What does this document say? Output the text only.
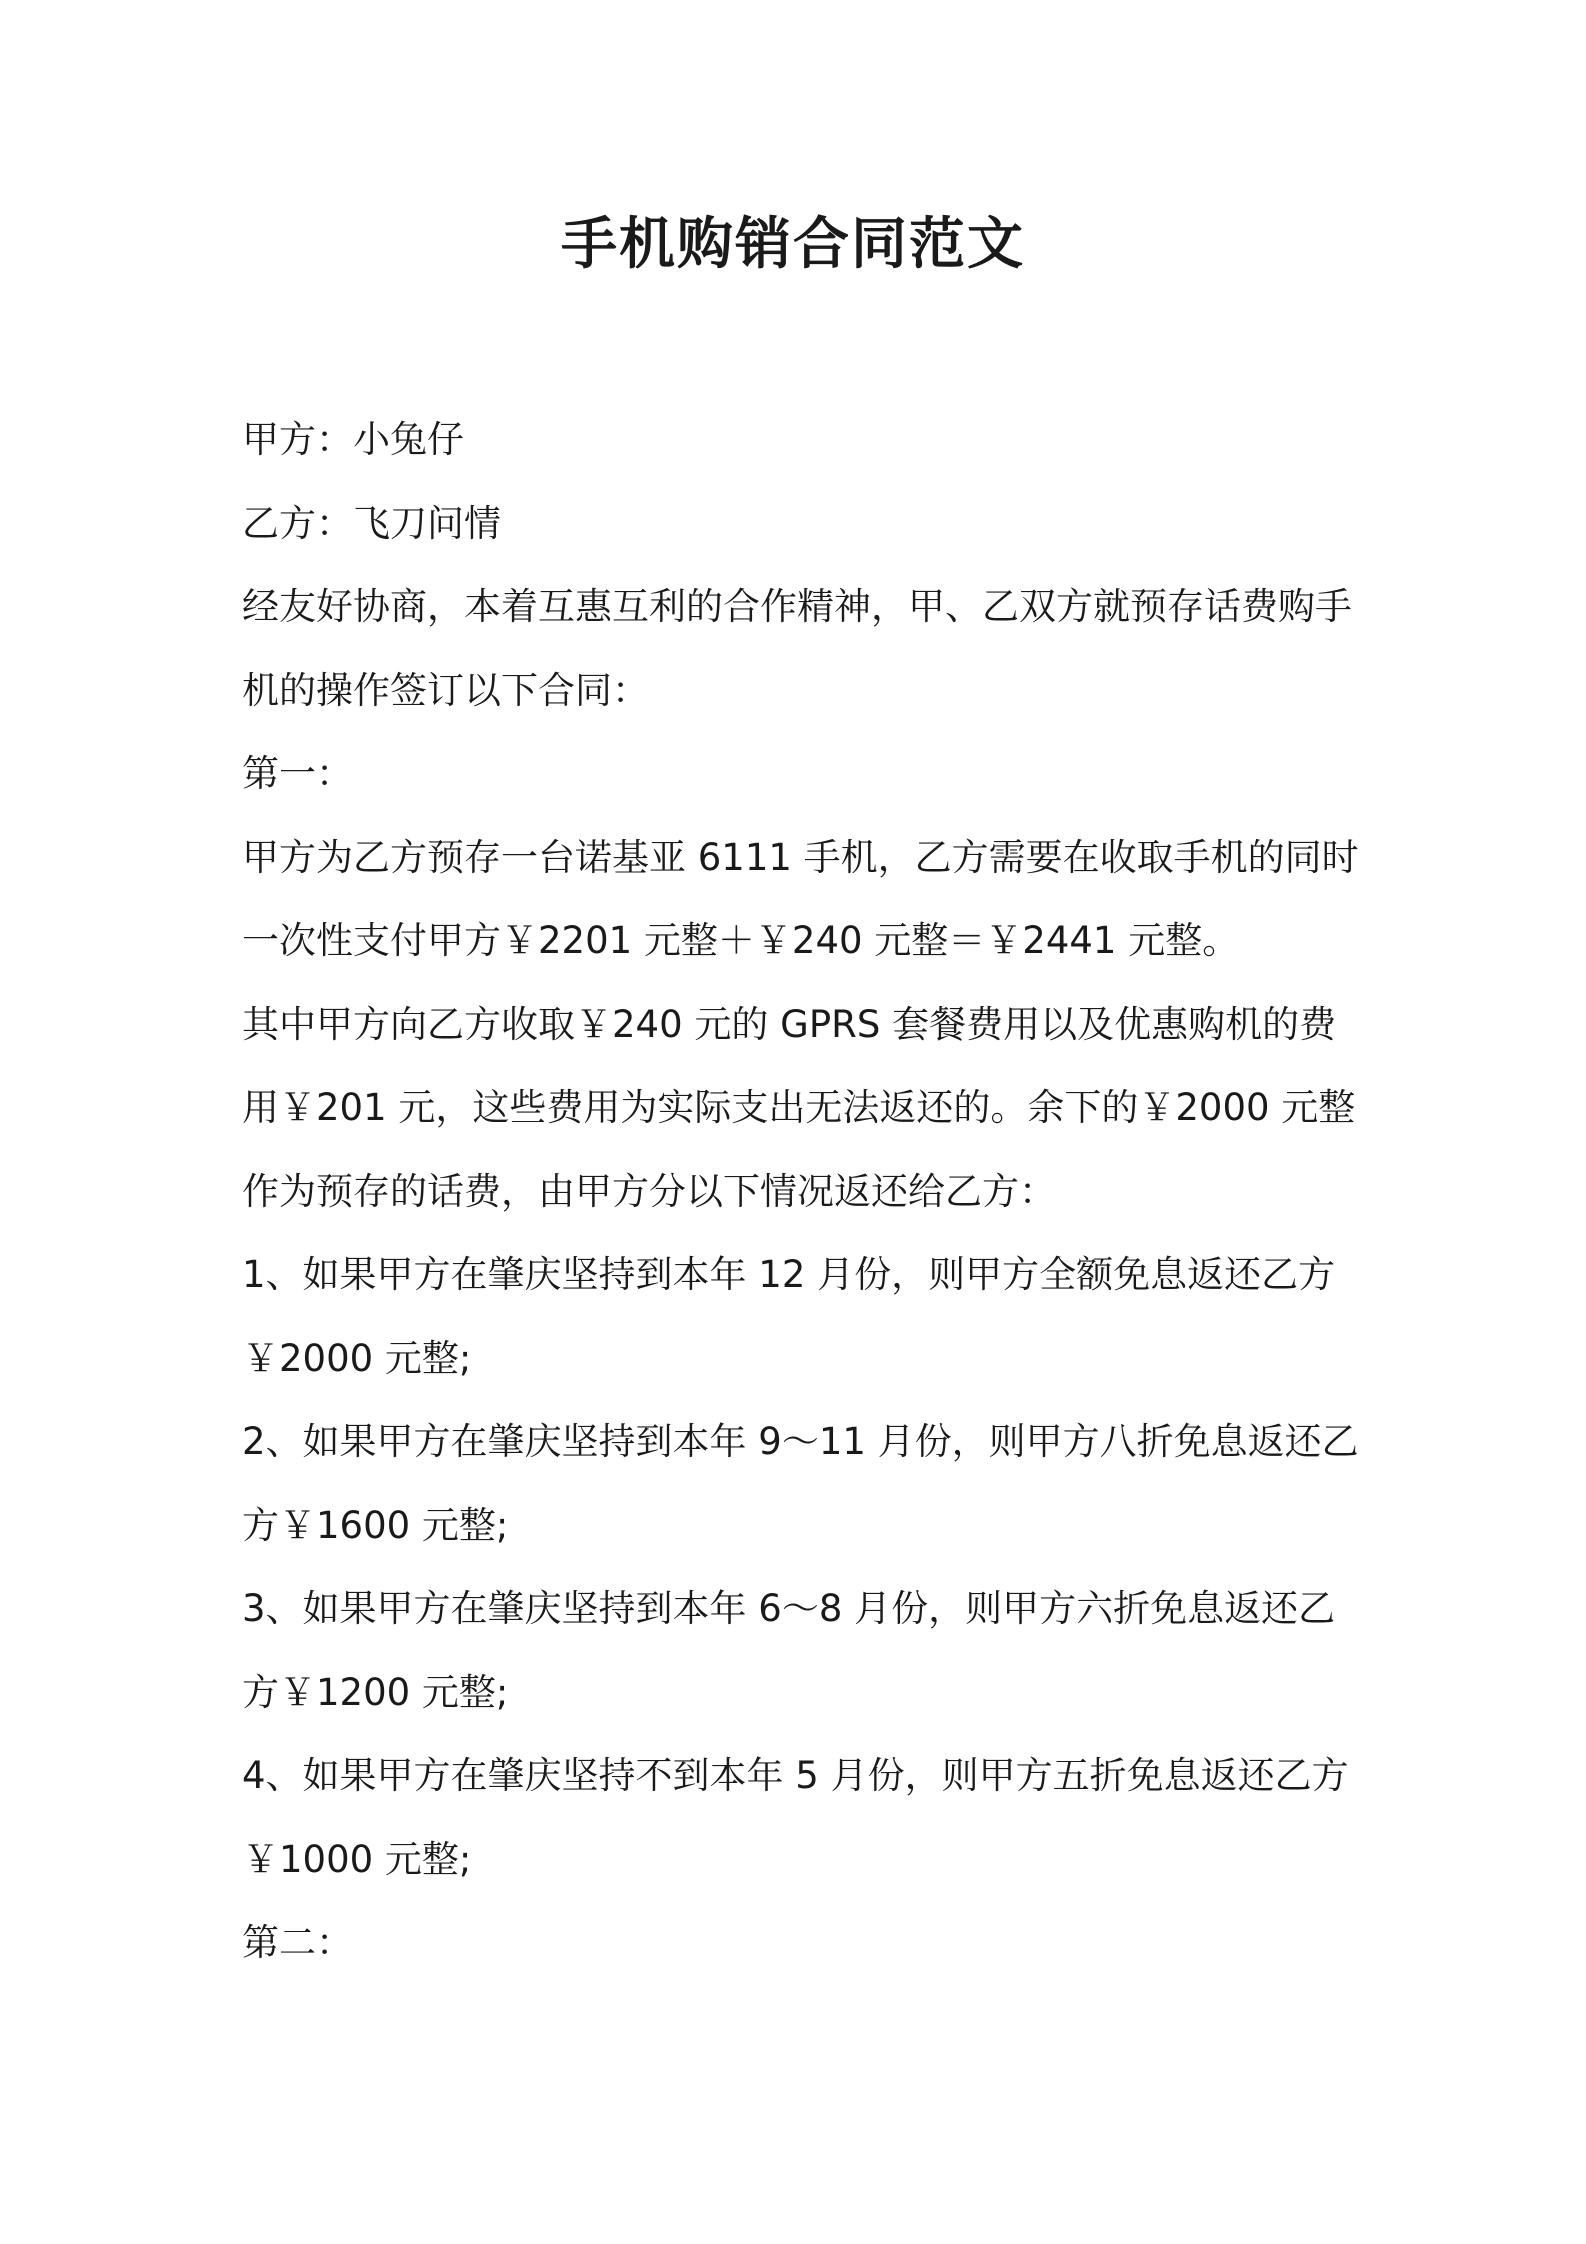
手机购销合同范文

甲方：小兔仔

乙方：飞刀问情

经友好协商，本着互惠互利的合作精神，甲、乙双方就预存话费购手

机的操作签订以下合同：

第一：

甲方为乙方预存一台诺基亚 6111 手机，乙方需要在收取手机的同时

一次性支付甲方￥2201 元整＋￥240 元整＝￥2441 元整。

其中甲方向乙方收取￥240 元的 GPRS 套餐费用以及优惠购机的费

用￥201 元，这些费用为实际支出无法返还的。余下的￥2000 元整

作为预存的话费，由甲方分以下情况返还给乙方：

1、如果甲方在肇庆坚持到本年 12 月份，则甲方全额免息返还乙方

￥2000 元整;

2、如果甲方在肇庆坚持到本年 9～11 月份，则甲方八折免息返还乙

方￥1600 元整;

3、如果甲方在肇庆坚持到本年 6～8 月份，则甲方六折免息返还乙

方￥1200 元整;

4、如果甲方在肇庆坚持不到本年 5 月份，则甲方五折免息返还乙方

￥1000 元整;

第二：
